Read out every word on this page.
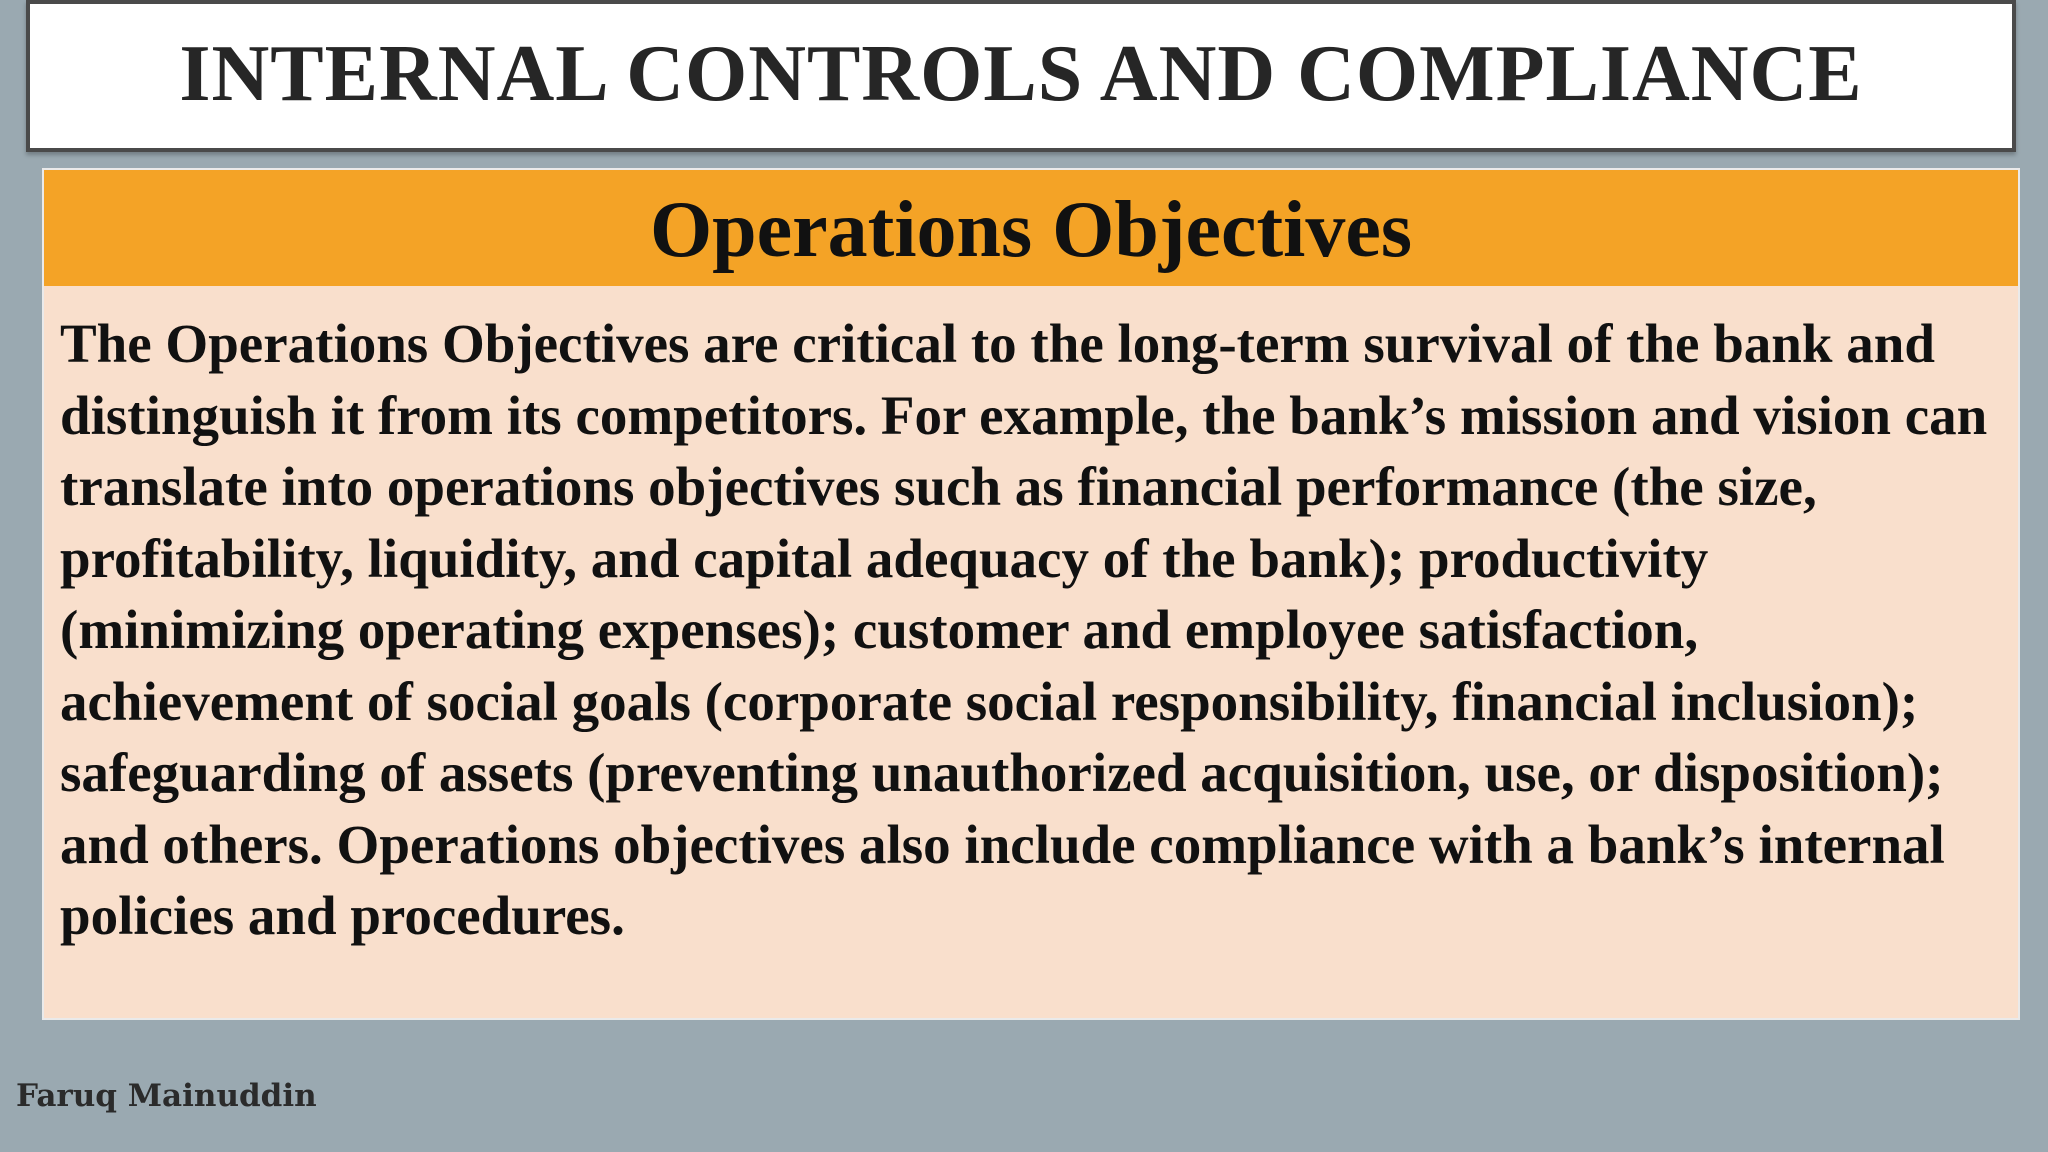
INTERNAL CONTROLS AND COMPLIANCE
Operations Objectives

The Operations Objectives are critical to the long-term survival of the bank and distinguish it from its competitors. For example, the bank’s mission and vision can translate into operations objectives such as financial performance (the size, profitability, liquidity, and capital adequacy of the bank); productivity (minimizing operating expenses); customer and employee satisfaction, achievement of social goals (corporate social responsibility, financial inclusion); safeguarding of assets (preventing unauthorized acquisition, use, or disposition); and others. Operations objectives also include compliance with a bank’s internal policies and procedures.

Faruq Mainuddin
